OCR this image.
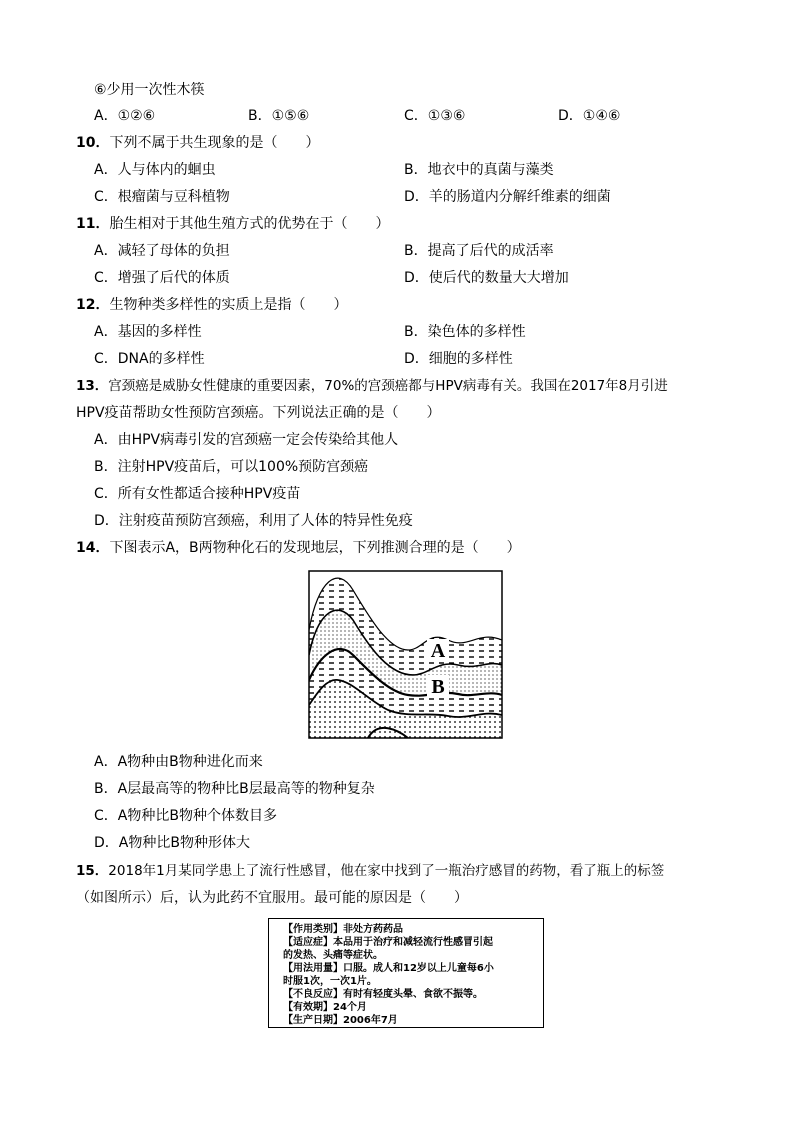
⑥少用一次性木筷
A．①②⑥	B．①⑤⑥	C．①③⑥	D．①④⑥
10．下列不属于共生现象的是（　　）
A．人与体内的蛔虫	B．地衣中的真菌与藻类
C．根瘤菌与豆科植物	D．羊的肠道内分解纤维素的细菌
11．胎生相对于其他生殖方式的优势在于（　　）
A．减轻了母体的负担	B．提高了后代的成活率
C．增强了后代的体质	D．使后代的数量大大增加
12．生物种类多样性的实质上是指（　　）
A．基因的多样性	B．染色体的多样性
C．DNA的多样性	D．细胞的多样性
13．宫颈癌是威胁女性健康的重要因素，70%的宫颈癌都与HPV病毒有关。我国在2017年8月引进
HPV疫苗帮助女性预防宫颈癌。下列说法正确的是（　　）
A．由HPV病毒引发的宫颈癌一定会传染给其他人
B．注射HPV疫苗后，可以100%预防宫颈癌
C．所有女性都适合接种HPV疫苗
D．注射疫苗预防宫颈癌，利用了人体的特异性免疫
14．下图表示A，B两物种化石的发现地层，下列推测合理的是（　　）
A
B
A．A物种由B物种进化而来
B．A层最高等的物种比B层最高等的物种复杂
C．A物种比B物种个体数目多
D．A物种比B物种形体大
15．2018年1月某同学患上了流行性感冒，他在家中找到了一瓶治疗感冒的药物，看了瓶上的标签
（如图所示）后，认为此药不宜服用。最可能的原因是（　　）
【作用类别】非处方药药品
【适应症】本品用于治疗和减轻流行性感冒引起
的发热、头痛等症状。
【用法用量】口服。成人和12岁以上儿童每6小
时服1次，一次1片。
【不良反应】有时有轻度头晕、食欲不振等。
【有效期】24个月
【生产日期】2006年7月
